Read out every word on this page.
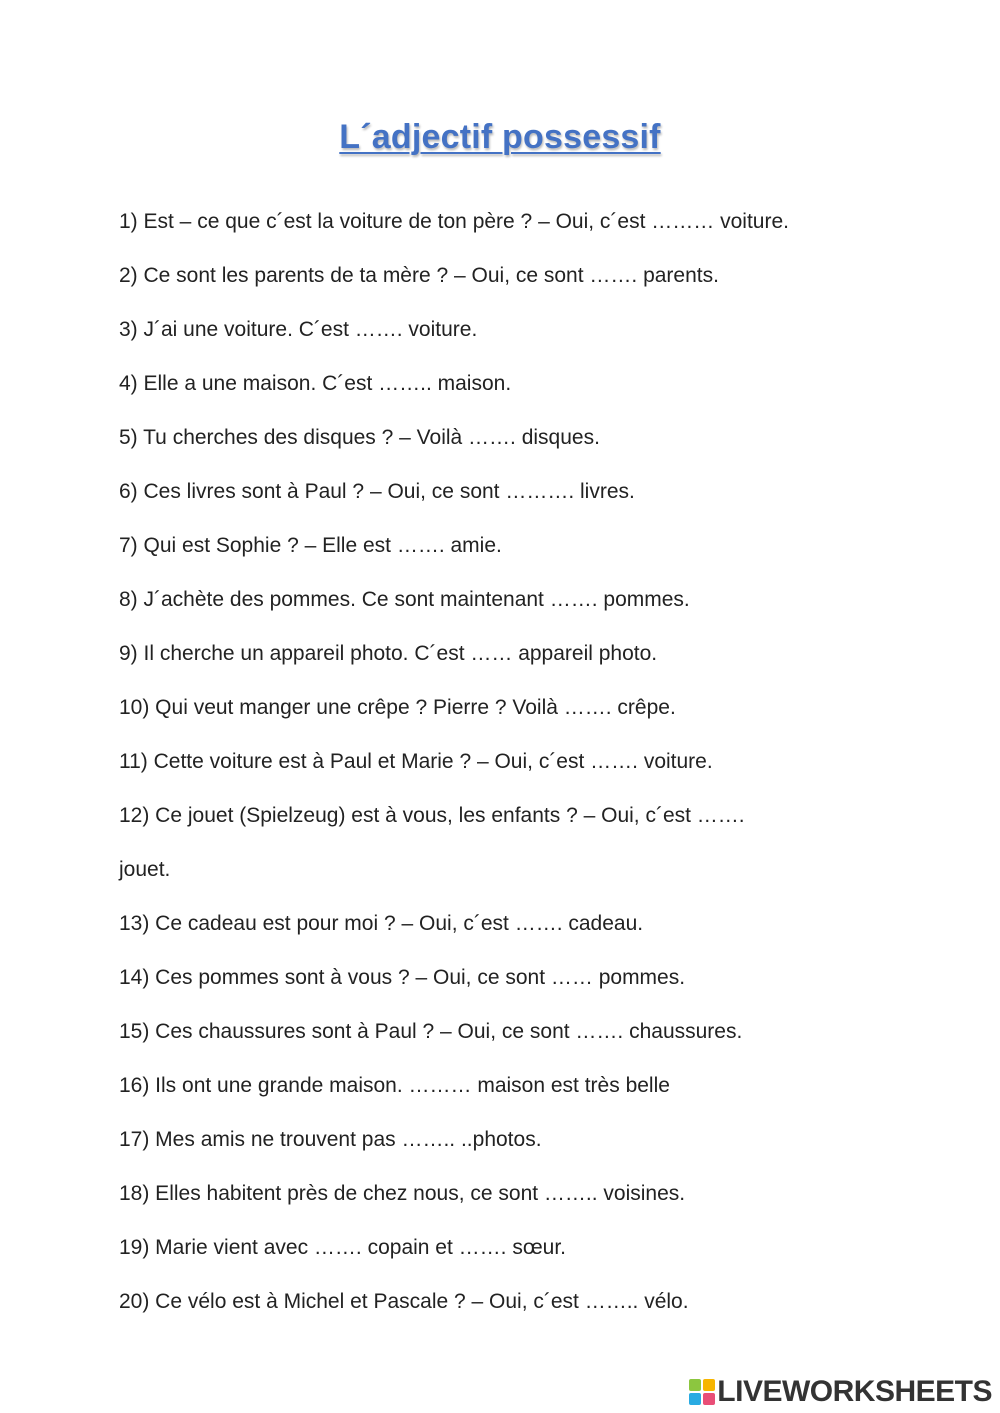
L´adjectif possessif
1) Est – ce que c´est la voiture de ton père ? – Oui, c´est ……… voiture.
2) Ce sont les parents de ta mère ? – Oui, ce sont ……. parents.
3) J´ai une voiture. C´est ……. voiture.
4) Elle a une maison. C´est …….. maison.
5) Tu cherches des disques ? – Voilà ……. disques.
6) Ces livres sont à Paul ? – Oui, ce sont ………. livres.
7) Qui est Sophie ? – Elle est ……. amie.
8) J´achète des pommes. Ce sont maintenant ……. pommes.
9) Il cherche un appareil photo. C´est …… appareil photo.
10) Qui veut manger une crêpe ? Pierre ? Voilà ……. crêpe.
11) Cette voiture est à Paul et Marie ? – Oui, c´est ……. voiture.
12) Ce jouet (Spielzeug) est à vous, les enfants ? – Oui, c´est …….
jouet.
13) Ce cadeau est pour moi ? – Oui, c´est ……. cadeau.
14) Ces pommes sont à vous ? – Oui, ce sont …… pommes.
15) Ces chaussures sont à Paul ? – Oui, ce sont ……. chaussures.
16) Ils ont une grande maison. ……… maison est très belle
17) Mes amis ne trouvent pas …….. ..photos.
18) Elles habitent près de chez nous, ce sont …….. voisines.
19) Marie vient avec ……. copain et ……. sœur.
20) Ce vélo est à Michel et Pascale ? – Oui, c´est …….. vélo.
LIVEWORKSHEETS
